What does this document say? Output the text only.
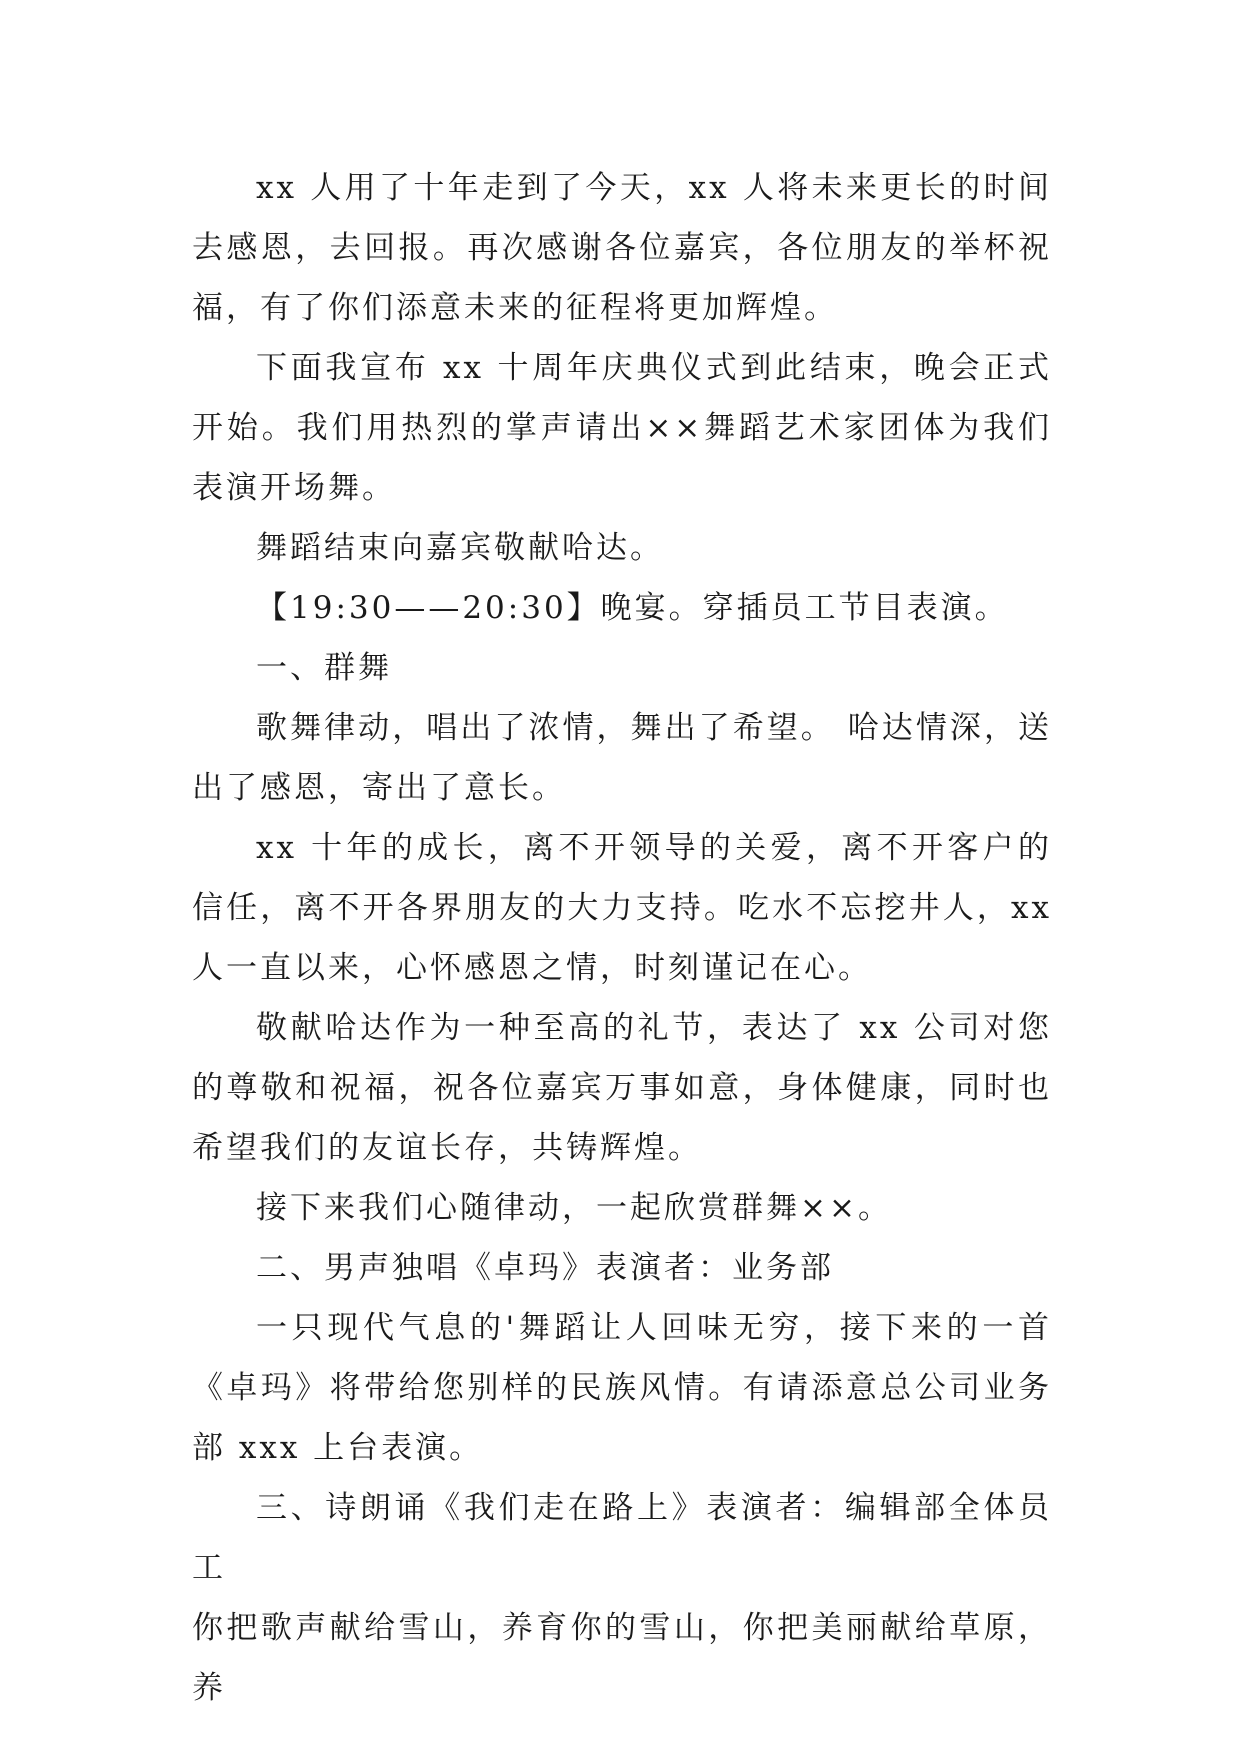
xx 人用了十年走到了今天，xx 人将未来更长的时间去感恩，去回报。再次感谢各位嘉宾，各位朋友的举杯祝福，有了你们添意未来的征程将更加辉煌。

下面我宣布 xx 十周年庆典仪式到此结束，晚会正式开始。我们用热烈的掌声请出××舞蹈艺术家团体为我们表演开场舞。

舞蹈结束向嘉宾敬献哈达。

【19:30——20:30】晚宴。穿插员工节目表演。

一、群舞

歌舞律动，唱出了浓情，舞出了希望。 哈达情深，送出了感恩，寄出了意长。

xx 十年的成长，离不开领导的关爱，离不开客户的信任，离不开各界朋友的大力支持。吃水不忘挖井人，xx 人一直以来，心怀感恩之情，时刻谨记在心。

敬献哈达作为一种至高的礼节，表达了 xx 公司对您的尊敬和祝福，祝各位嘉宾万事如意，身体健康，同时也希望我们的友谊长存，共铸辉煌。

接下来我们心随律动，一起欣赏群舞××。

二、男声独唱《卓玛》表演者：业务部

一只现代气息的'舞蹈让人回味无穷，接下来的一首《卓玛》将带给您别样的民族风情。有请添意总公司业务部 xxx 上台表演。

三、诗朗诵《我们走在路上》表演者：编辑部全体员工

你把歌声献给雪山，养育你的雪山，你把美丽献给草原，养
